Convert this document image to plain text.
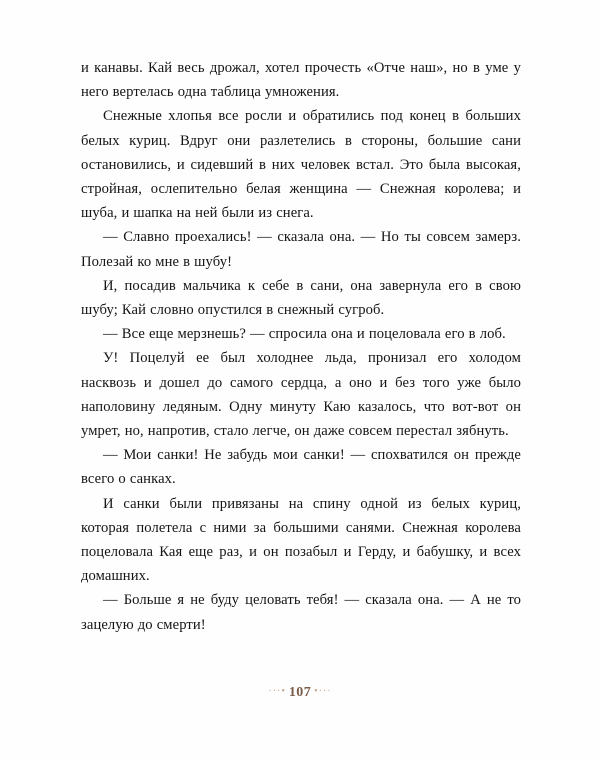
и канавы. Кай весь дрожал, хотел прочесть «Отче наш», но в уме у него вертелась одна таблица умножения.

Снежные хлопья все росли и обратились под конец в больших белых куриц. Вдруг они разлетелись в стороны, большие сани остановились, и сидевший в них человек встал. Это была высокая, стройная, ослепительно белая женщина — Снежная королева; и шуба, и шапка на ней были из снега.

— Славно проехались! — сказала она. — Но ты совсем замерз. Полезай ко мне в шубу!

И, посадив мальчика к себе в сани, она завернула его в свою шубу; Кай словно опустился в снежный сугроб.

— Все еще мерзнешь? — спросила она и поцеловала его в лоб.

У! Поцелуй ее был холоднее льда, пронизал его холодом насквозь и дошел до самого сердца, а оно и без того уже было наполовину ледяным. Одну минуту Каю казалось, что вот-вот он умрет, но, напротив, стало легче, он даже совсем перестал зябнуть.

— Мои санки! Не забудь мои санки! — спохватился он прежде всего о санках.

И санки были привязаны на спину одной из белых куриц, которая полетела с ними за большими санями. Снежная королева поцеловала Кая еще раз, и он позабыл и Герду, и бабушку, и всех домашних.

— Больше я не буду целовать тебя! — сказала она. — А не то зацелую до смерти!

···• 107 •···
